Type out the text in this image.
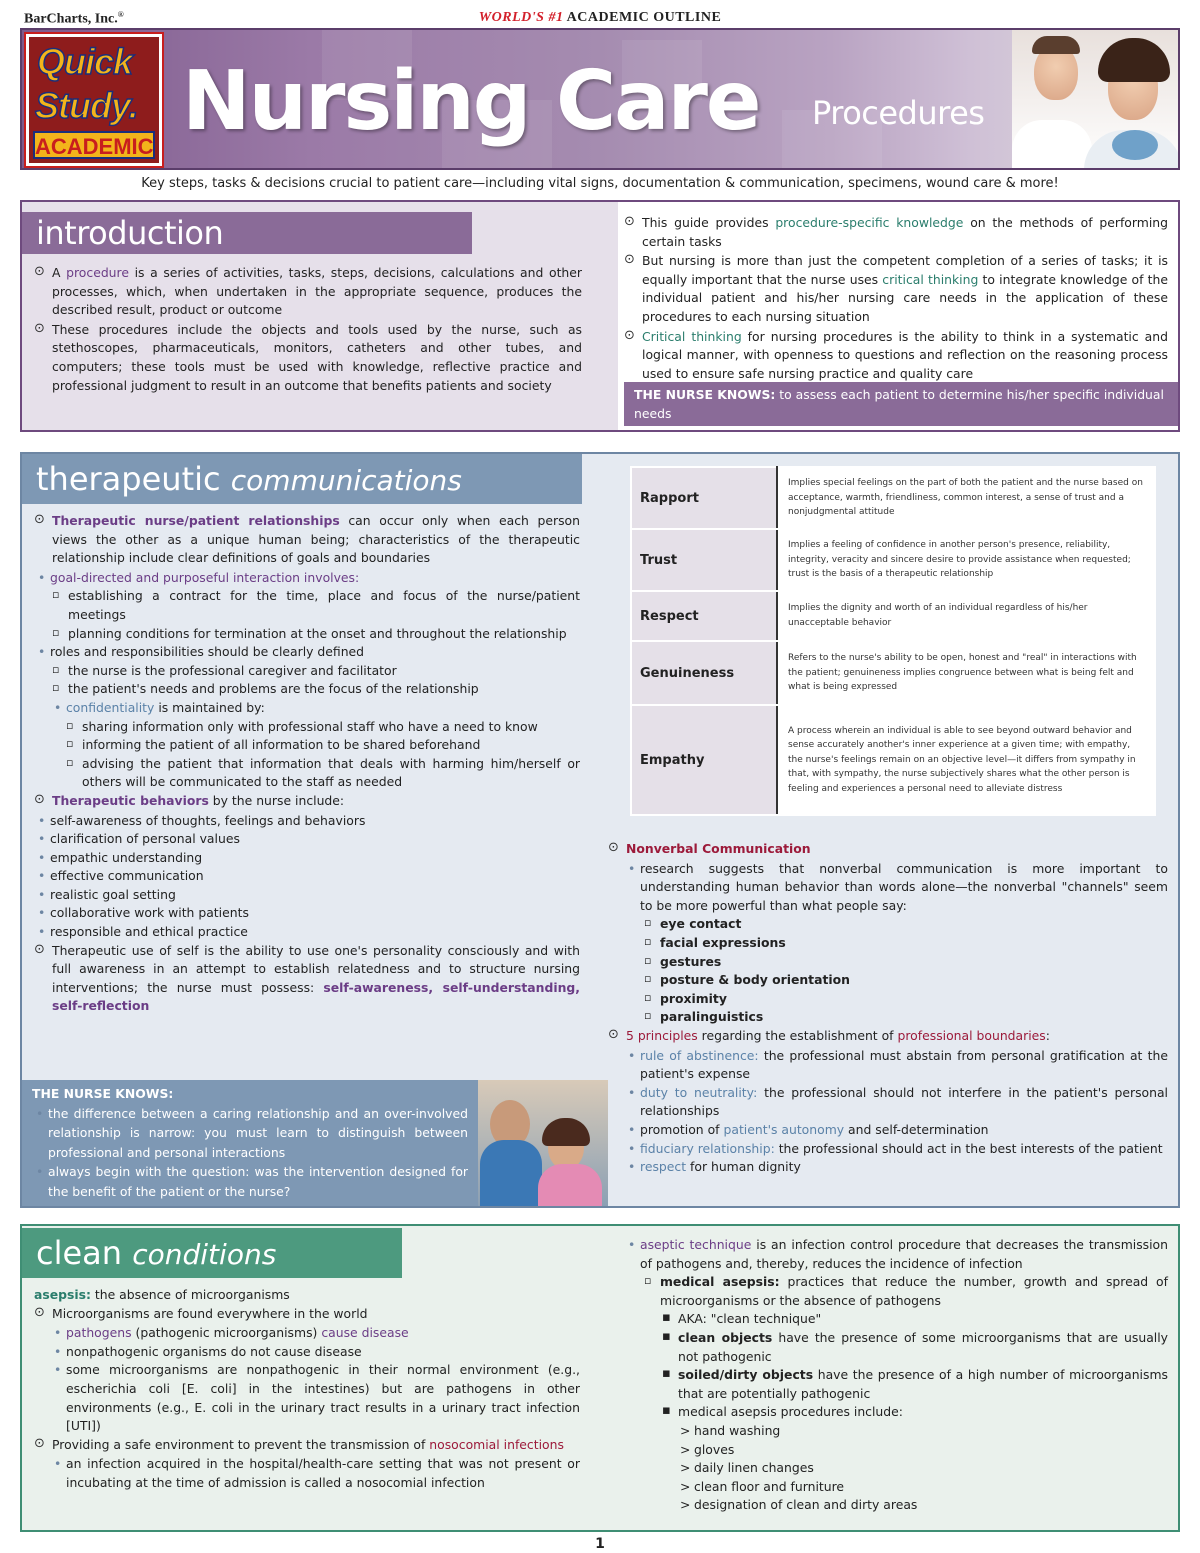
BarCharts, Inc.®	WORLD'S #1 ACADEMIC OUTLINE
Quick
Study.
ACADEMIC Nursing Care Procedures
Key steps, tasks & decisions crucial to patient care—including vital signs, documentation & communication, specimens, wound care & more!
introduction
⊙ A procedure is a series of activities, tasks, steps, decisions, calculations and other processes, which, when undertaken in the appropriate sequence, produces the described result, product or outcome
⊙ These procedures include the objects and tools used by the nurse, such as stethoscopes, pharmaceuticals, monitors, catheters and other tubes, and computers; these tools must be used with knowledge, reflective practice and professional judgment to result in an outcome that benefits patients and society
⊙ This guide provides procedure-specific knowledge on the methods of performing certain tasks
⊙ But nursing is more than just the competent completion of a series of tasks; it is equally important that the nurse uses critical thinking to integrate knowledge of the individual patient and his/her nursing care needs in the application of these procedures to each nursing situation
⊙ Critical thinking for nursing procedures is the ability to think in a systematic and logical manner, with openness to questions and reflection on the reasoning process used to ensure safe nursing practice and quality care
THE NURSE KNOWS: to assess each patient to determine his/her specific individual needs
therapeutic communications
⊙ Therapeutic nurse/patient relationships can occur only when each person views the other as a unique human being; characteristics of the therapeutic relationship include clear definitions of goals and boundaries
• goal-directed and purposeful interaction involves:
▫ establishing a contract for the time, place and focus of the nurse/patient meetings
▫ planning conditions for termination at the onset and throughout the relationship
• roles and responsibilities should be clearly defined
▫ the nurse is the professional caregiver and facilitator
▫ the patient's needs and problems are the focus of the relationship
• confidentiality is maintained by:
▫ sharing information only with professional staff who have a need to know
▫ informing the patient of all information to be shared beforehand
▫ advising the patient that information that deals with harming him/herself or others will be communicated to the staff as needed
⊙ Therapeutic behaviors by the nurse include:
• self-awareness of thoughts, feelings and behaviors
• clarification of personal values
• empathic understanding
• effective communication
• realistic goal setting
• collaborative work with patients
• responsible and ethical practice
⊙ Therapeutic use of self is the ability to use one's personality consciously and with full awareness in an attempt to establish relatedness and to structure nursing interventions; the nurse must possess: self-awareness, self-understanding, self-reflection
THE NURSE KNOWS:
• the difference between a caring relationship and an over-involved relationship is narrow: you must learn to distinguish between professional and personal interactions
• always begin with the question: was the intervention designed for the benefit of the patient or the nurse?
Rapport	Implies special feelings on the part of both the patient and the nurse based on acceptance, warmth, friendliness, common interest, a sense of trust and a nonjudgmental attitude
Trust	Implies a feeling of confidence in another person's presence, reliability, integrity, veracity and sincere desire to provide assistance when requested; trust is the basis of a therapeutic relationship
Respect	Implies the dignity and worth of an individual regardless of his/her unacceptable behavior
Genuineness	Refers to the nurse's ability to be open, honest and "real" in interactions with the patient; genuineness implies congruence between what is being felt and what is being expressed
Empathy	A process wherein an individual is able to see beyond outward behavior and sense accurately another's inner experience at a given time; with empathy, the nurse's feelings remain on an objective level—it differs from sympathy in that, with sympathy, the nurse subjectively shares what the other person is feeling and experiences a personal need to alleviate distress
⊙ Nonverbal Communication
• research suggests that nonverbal communication is more important to understanding human behavior than words alone—the nonverbal "channels" seem to be more powerful than what people say:
▫ eye contact
▫ facial expressions
▫ gestures
▫ posture & body orientation
▫ proximity
▫ paralinguistics
⊙ 5 principles regarding the establishment of professional boundaries:
• rule of abstinence: the professional must abstain from personal gratification at the patient's expense
• duty to neutrality: the professional should not interfere in the patient's personal relationships
• promotion of patient's autonomy and self-determination
• fiduciary relationship: the professional should act in the best interests of the patient
• respect for human dignity
clean conditions
asepsis: the absence of microorganisms
⊙ Microorganisms are found everywhere in the world
• pathogens (pathogenic microorganisms) cause disease
• nonpathogenic organisms do not cause disease
• some microorganisms are nonpathogenic in their normal environment (e.g., escherichia coli [E. coli] in the intestines) but are pathogens in other environments (e.g., E. coli in the urinary tract results in a urinary tract infection [UTI])
⊙ Providing a safe environment to prevent the transmission of nosocomial infections
• an infection acquired in the hospital/health-care setting that was not present or incubating at the time of admission is called a nosocomial infection
• aseptic technique is an infection control procedure that decreases the transmission of pathogens and, thereby, reduces the incidence of infection
▫ medical asepsis: practices that reduce the number, growth and spread of microorganisms or the absence of pathogens
▪ AKA: "clean technique"
▪ clean objects have the presence of some microorganisms that are usually not pathogenic
▪ soiled/dirty objects have the presence of a high number of microorganisms that are potentially pathogenic
▪ medical asepsis procedures include:
> hand washing
> gloves
> daily linen changes
> clean floor and furniture
> designation of clean and dirty areas
1
